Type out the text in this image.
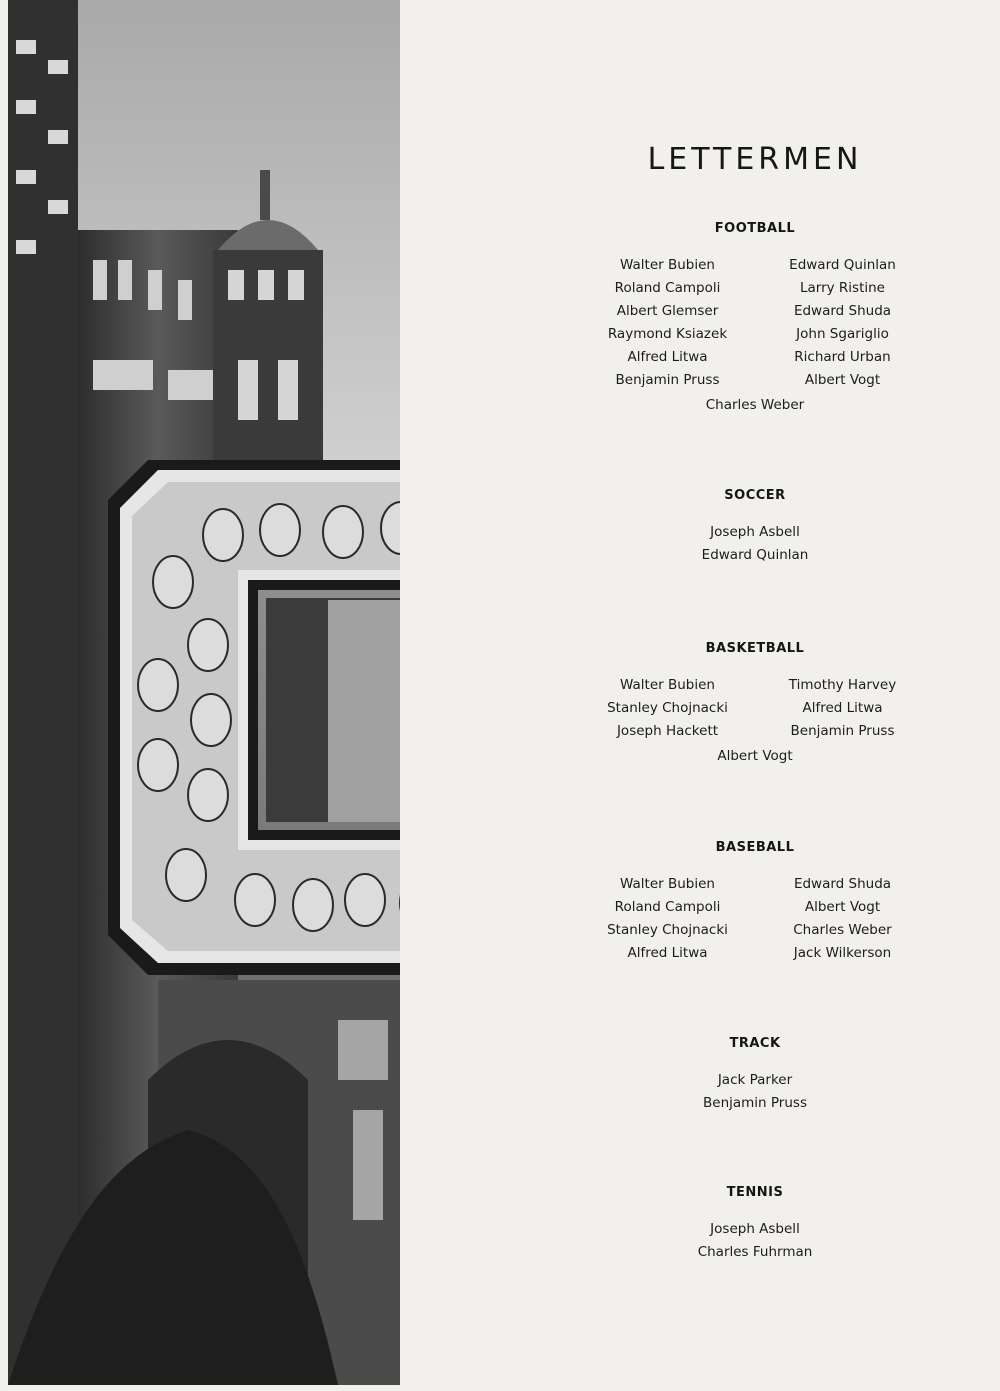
LETTERMEN
FOOTBALL
Walter Bubien
Roland Campoli
Albert Glemser
Raymond Ksiazek
Alfred Litwa
Benjamin Pruss
Edward Quinlan
Larry Ristine
Edward Shuda
John Sgariglio
Richard Urban
Albert Vogt
Charles Weber
SOCCER
Joseph Asbell
Edward Quinlan
BASKETBALL
Walter Bubien
Stanley Chojnacki
Joseph Hackett
Timothy Harvey
Alfred Litwa
Benjamin Pruss
Albert Vogt
BASEBALL
Walter Bubien
Roland Campoli
Stanley Chojnacki
Alfred Litwa
Edward Shuda
Albert Vogt
Charles Weber
Jack Wilkerson
TRACK
Jack Parker
Benjamin Pruss
TENNIS
Joseph Asbell
Charles Fuhrman
